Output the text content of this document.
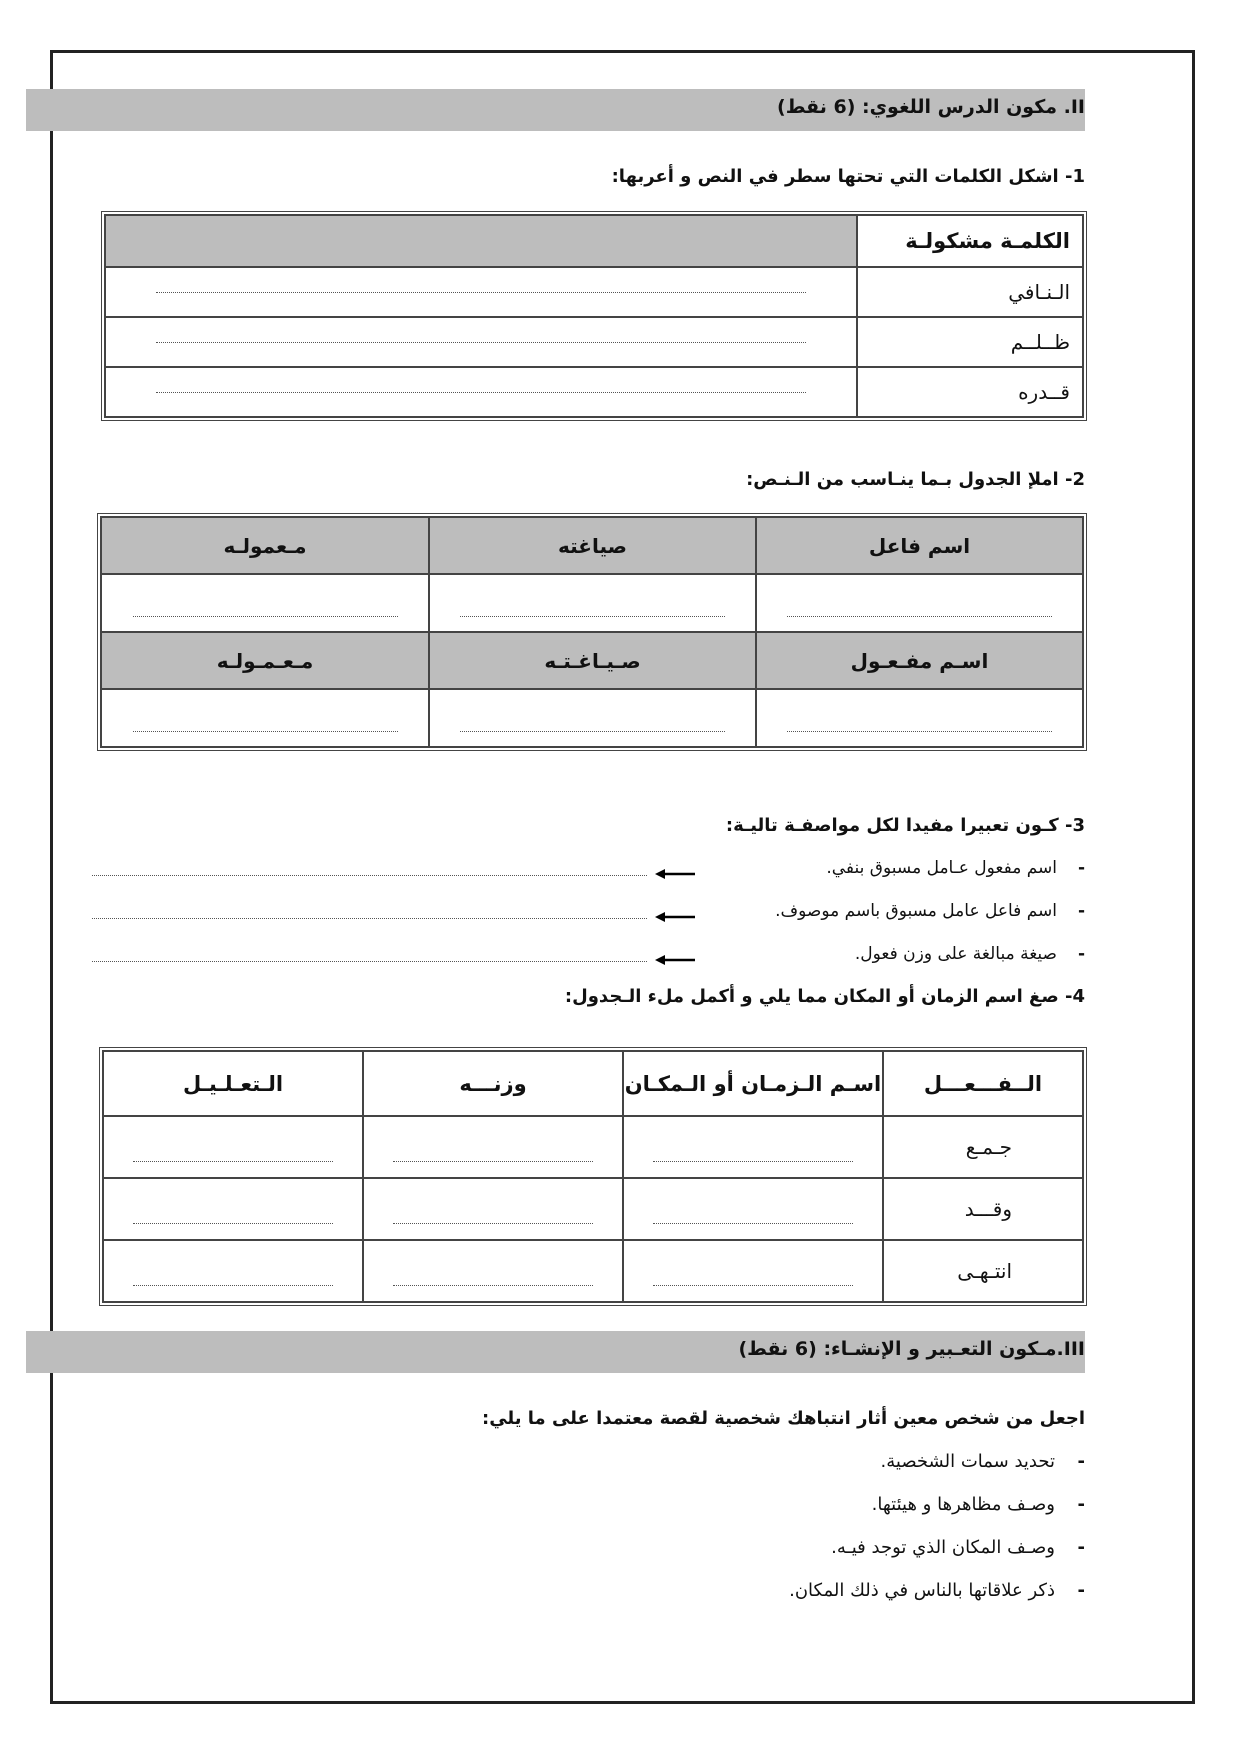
II. مكون الدرس اللغوي: (6 نقط)
1- اشكل الكلمات التي تحتها سطر في النص و أعربها:
الكلمـة مشكولـة	
الـنـافي	

ظــلــم	

قــدره	
2- املإ الجدول بـما ينـاسب من الـنـص:
اسم فاعل	صياغته	مـعمولـه

اسـم مفـعـول	صـيـاغـتـه	مـعـمـولـه

3- كـون تعبيرا مفيدا لكل مواصفـة تاليـة:
-اسم مفعول عـامل مسبوق بنفي.
-اسم فاعل عامل مسبوق باسم موصوف.
-صيغة مبالغة على وزن فعول.
4- صغ اسم الزمان أو المكان مما يلي و أكمل ملء الـجدول:
الــفـــعـــل	اسـم الـزمـان أو الـمكـان	وزنـــه	الـتعـلـيـل
جـمـع	

وقـــد	

انتـهـى	

III.مـكون التعـبير و الإنشـاء: (6 نقط)
اجعل من شخص معين أثار انتباهك شخصية لقصة معتمدا على ما يلي:
-تحديد سمات الشخصية.
-وصـف مظاهرها و هيئتها.
-وصـف المكان الذي توجد فيـه.
-ذكر علاقاتها بالناس في ذلك المكان.
